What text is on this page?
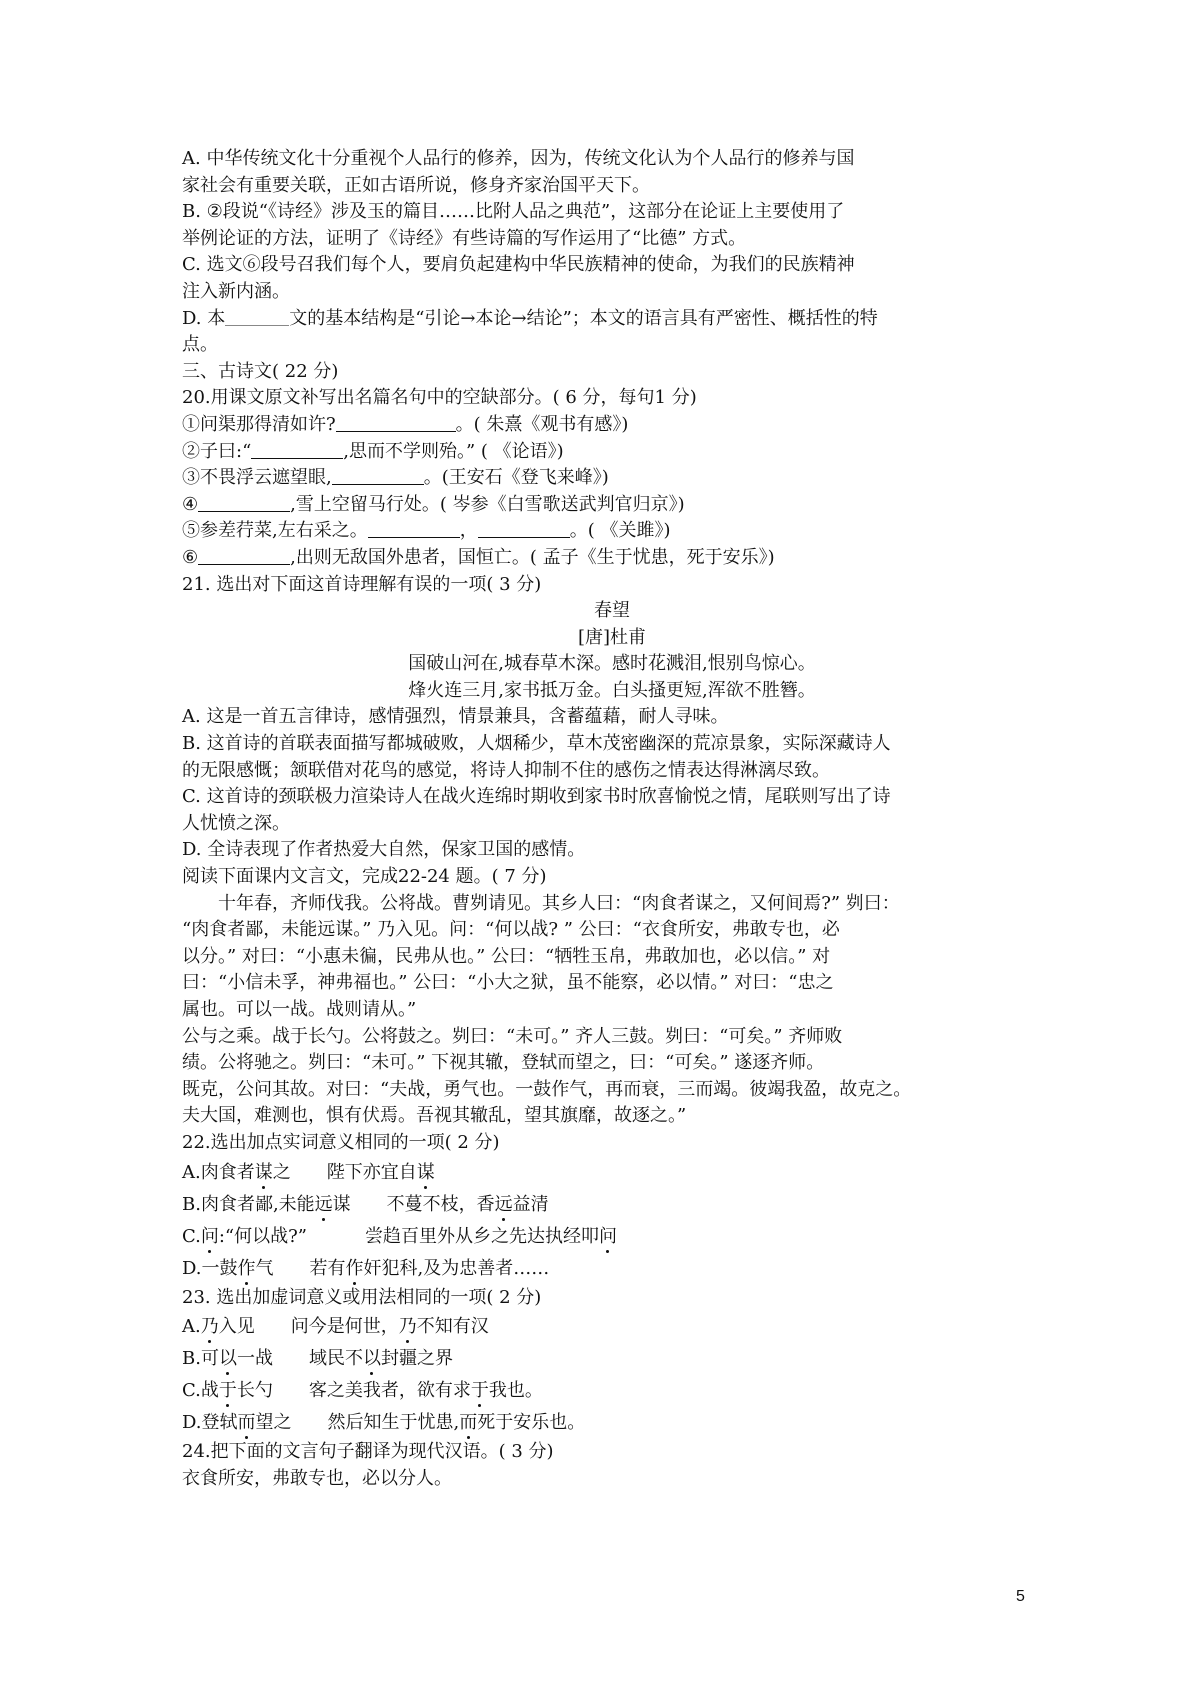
A. 中华传统文化十分重视个人品行的修养，因为，传统文化认为个人品行的修养与国
家社会有重要关联，正如古语所说，修身齐家治国平天下。
B. ②段说“《诗经》涉及玉的篇目……比附人品之典范”，这部分在论证上主要使用了
举例论证的方法，证明了《诗经》有些诗篇的写作运用了“比德” 方式。
C. 选文⑥段号召我们每个人，要肩负起建构中华民族精神的使命，为我们的民族精神
注入新内涵。
D. 本	文的基本结构是“引论→本论→结论”；本文的语言具有严密性、概括性的特
点。
三、古诗文( 22 分)
20.用课文原文补写出名篇名句中的空缺部分。( 6 分，每句1 分)
①问渠那得清如许?	。( 朱熹《观书有感》)
②子曰:“	,思而不学则殆。” ( 《论语》)
③不畏浮云遮望眼,	。(王安石《登飞来峰》)
④	,雪上空留马行处。( 岑参《白雪歌送武判官归京》)
⑤参差荇菜,左右采之。	，	。( 《关雎》)
⑥	,出则无敌国外患者，国恒亡。( 孟子《生于忧患，死于安乐》)
21. 选出对下面这首诗理解有误的一项( 3 分)
春望
[唐]杜甫
国破山河在,城春草木深。感时花溅泪,恨别鸟惊心。
烽火连三月,家书抵万金。白头搔更短,浑欲不胜簪。
A. 这是一首五言律诗，感情强烈，情景兼具，含蓄蕴藉，耐人寻味。
B. 这首诗的首联表面描写都城破败，人烟稀少，草木茂密幽深的荒凉景象，实际深藏诗人
的无限感慨；颔联借对花鸟的感觉，将诗人抑制不住的感伤之情表达得淋漓尽致。
C. 这首诗的颈联极力渲染诗人在战火连绵时期收到家书时欣喜愉悦之情，尾联则写出了诗
人忧愤之深。
D. 全诗表现了作者热爱大自然，保家卫国的感情。
阅读下面课内文言文，完成22-24 题。( 7 分)
十年春，齐师伐我。公将战。曹刿请见。其乡人曰：“肉食者谋之，又何间焉?” 刿曰：
“肉食者鄙，未能远谋。” 乃入见。问：“何以战? ” 公曰：“衣食所安，弗敢专也，必
以分。” 对曰：“小惠未徧，民弗从也。” 公曰：“牺牲玉帛，弗敢加也，必以信。” 对
曰：“小信未孚，神弗福也。” 公曰：“小大之狱，虽不能察，必以情。” 对曰：“忠之
属也。可以一战。战则请从。”
公与之乘。战于长勺。公将鼓之。刿曰：“未可。” 齐人三鼓。刿曰：“可矣。” 齐师败
绩。公将驰之。刿曰：“未可。” 下视其辙，登轼而望之，曰：“可矣。” 遂逐齐师。
既克，公问其故。对曰：“夫战，勇气也。一鼓作气，再而衰，三而竭。彼竭我盈，故克之。
夫大国，难测也，惧有伏焉。吾视其辙乱，望其旗靡，故逐之。”
22.选出加点实词意义相同的一项( 2 分)
A.肉食者谋之 陛下亦宜自谋
B.肉食者鄙,未能远谋 不蔓不枝，香远益清
C.问:“何以战?”	尝趋百里外从乡之先达执经叩问
D.一鼓作气 若有作奸犯科,及为忠善者……
23. 选出加虚词意义或用法相同的一项( 2 分)
A.乃入见 问今是何世，乃不知有汉
B.可以一战 域民不以封疆之界
C.战于长勺 客之美我者，欲有求于我也。
D.登轼而望之 然后知生于忧患,而死于安乐也。
24.把下面的文言句子翻译为现代汉语。( 3 分)
衣食所安，弗敢专也，必以分人。
5
